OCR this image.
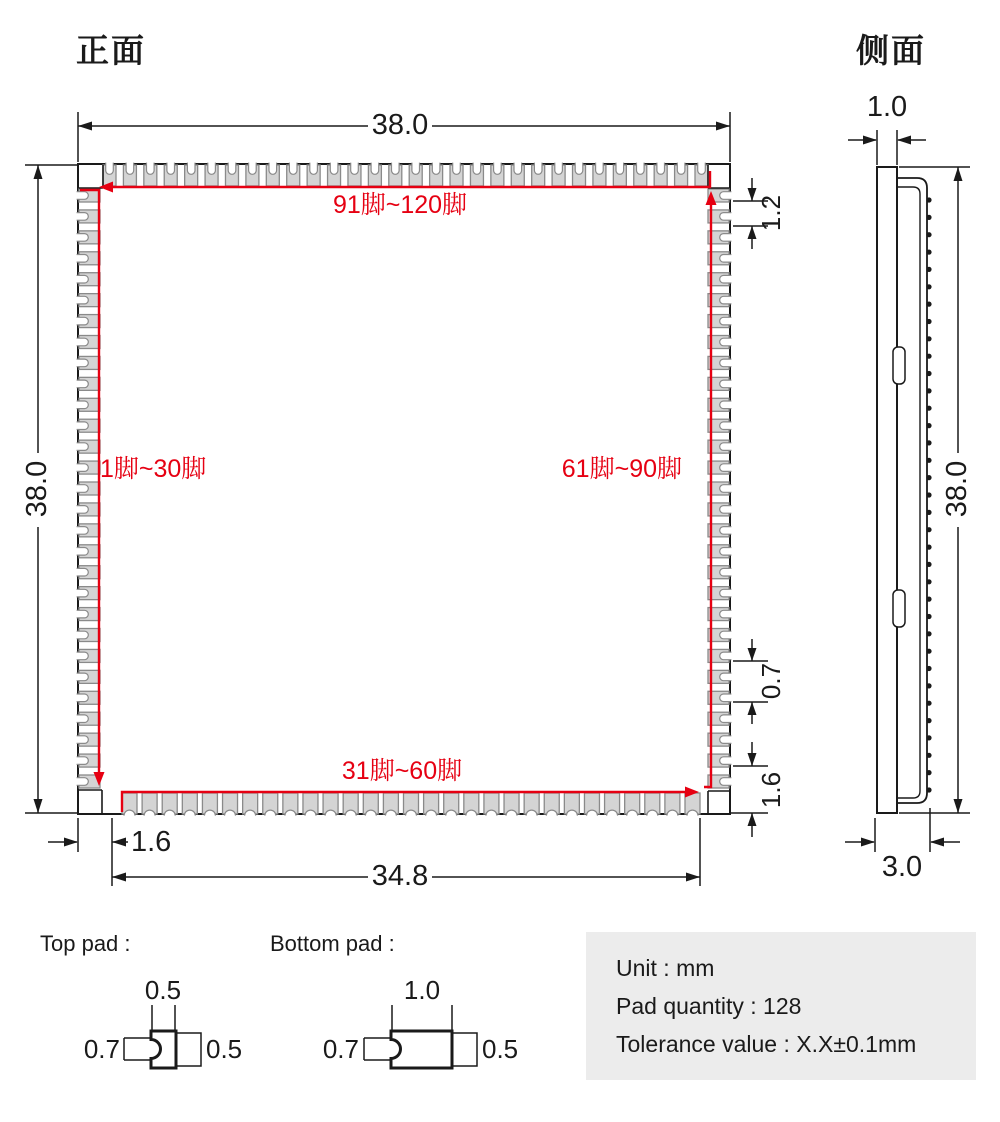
正面	侧面
38.0
38.0
1.2
0.7
1.6
1.6
34.8
1.0
38.0
3.0
91脚~120脚
1脚~30脚	61脚~90脚
31脚~60脚
Top pad :	Bottom pad :
0.5
0.7	0.5
1.0
0.7	0.5
Unit : mm
Pad quantity : 128
Tolerance value : X.X±0.1mm
